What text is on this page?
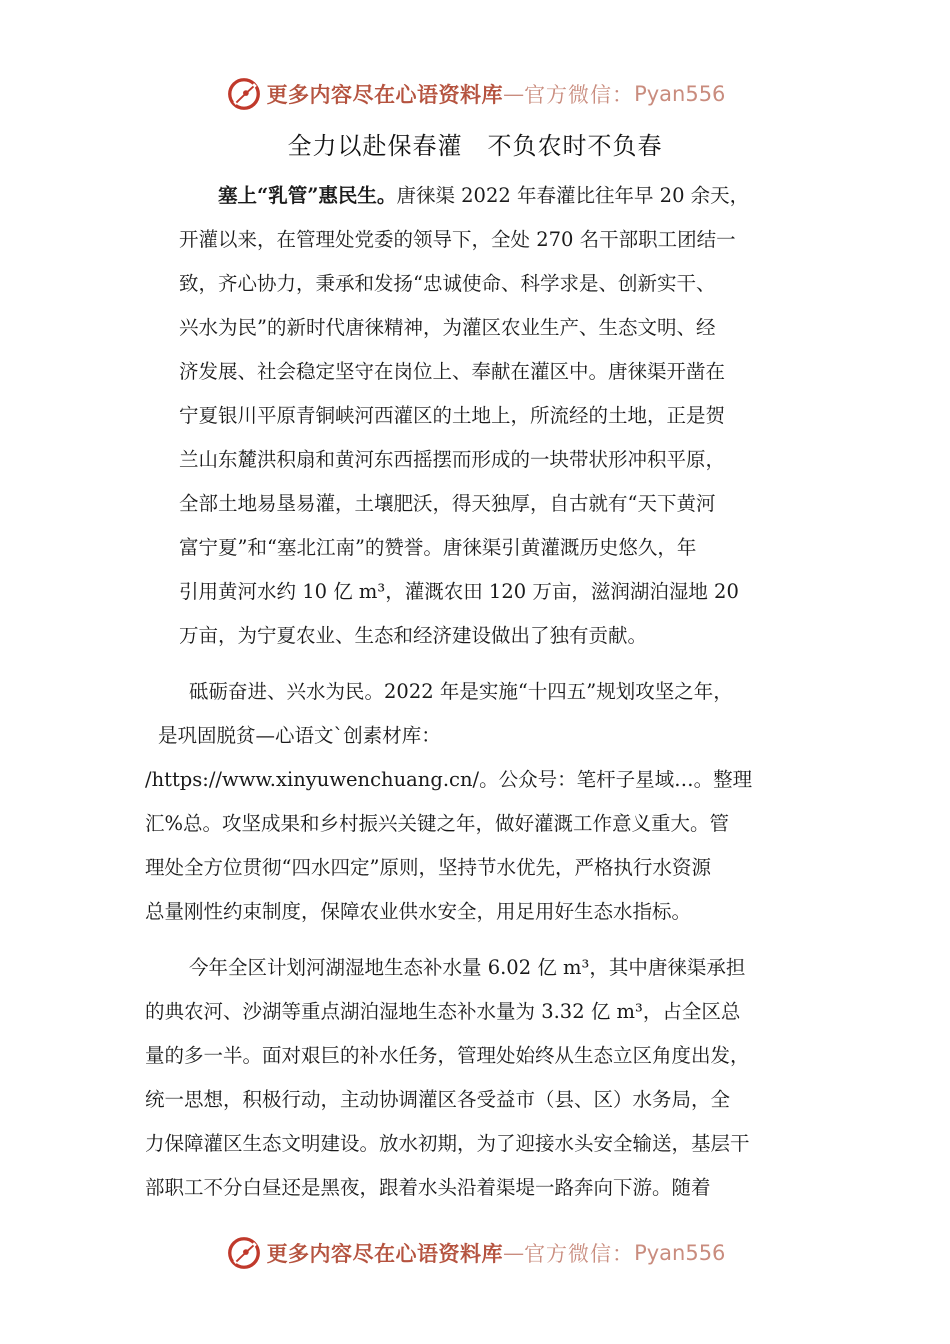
更多内容尽在心语资料库 — 官方微信： Pyan556
全力以赴保春灌　不负农时不负春
塞上“乳管”惠民生。唐徕渠 2022 年春灌比往年早 20 余天，
开灌以来，在管理处党委的领导下，全处 270 名干部职工团结一
致，齐心协力，秉承和发扬“忠诚使命、科学求是、创新实干、
兴水为民”的新时代唐徕精神，为灌区农业生产、生态文明、经
济发展、社会稳定坚守在岗位上、奉献在灌区中。唐徕渠开凿在
宁夏银川平原青铜峡河西灌区的土地上，所流经的土地，正是贺
兰山东麓洪积扇和黄河东西摇摆而形成的一块带状形冲积平原，
全部土地易垦易灌，土壤肥沃，得天独厚，自古就有“天下黄河
富宁夏”和“塞北江南”的赞誉。唐徕渠引黄灌溉历史悠久，年
引用黄河水约 10 亿 m³，灌溉农田 120 万亩，滋润湖泊湿地 20
万亩，为宁夏农业、生态和经济建设做出了独有贡献。
砥砺奋进、兴水为民。2022 年是实施“十四五”规划攻坚之年，
是巩固脱贫—心语文`创素材库：
/https://www.xinyuwenchuang.cn/。公众号：笔杆子星域…。整理
汇%总。攻坚成果和乡村振兴关键之年，做好灌溉工作意义重大。管
理处全方位贯彻“四水四定”原则，坚持节水优先，严格执行水资源
总量刚性约束制度，保障农业供水安全，用足用好生态水指标。
今年全区计划河湖湿地生态补水量 6.02 亿 m³，其中唐徕渠承担
的典农河、沙湖等重点湖泊湿地生态补水量为 3.32 亿 m³，占全区总
量的多一半。面对艰巨的补水任务，管理处始终从生态立区角度出发，
统一思想，积极行动，主动协调灌区各受益市（县、区）水务局，全
力保障灌区生态文明建设。放水初期，为了迎接水头安全输送，基层干
部职工不分白昼还是黑夜，跟着水头沿着渠堤一路奔向下游。随着
更多内容尽在心语资料库 — 官方微信： Pyan556
